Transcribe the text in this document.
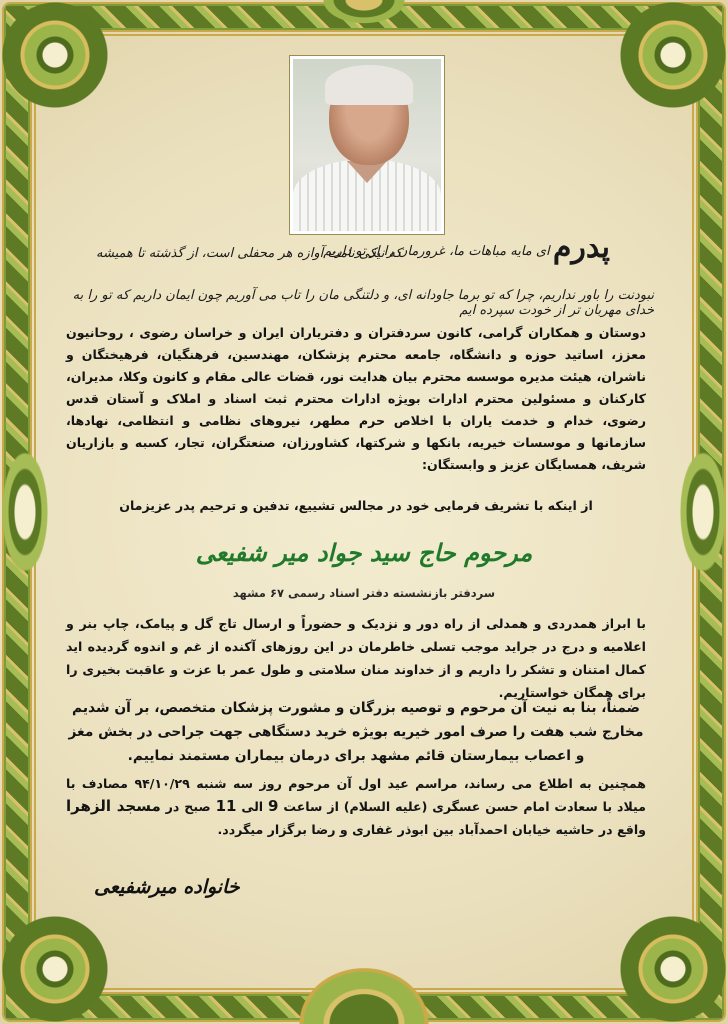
پدرم
، ای مایه مباهات ما، غرورمان را از تو داریم
که نیکی نامت آوازه هر محفلی است، از گذشته تا همیشه
نبودنت را باور نداریم، چرا که تو برما جاودانه ای، و دلتنگی مان را تاب می آوریم چون ایمان داریم که تو را به خدای مهربان تر از خودت سپرده ایم
دوستان و همکاران گرامی، کانون سردفتران و دفتریاران ایران و خراسان رضوی ، روحانیون معزز، اساتید حوزه و دانشگاه، جامعه محترم پزشکان، مهندسین، فرهنگیان، فرهیختگان و ناشران، هیئت مدیره موسسه محترم بیان هدایت نور، قضات عالی مقام و کانون وکلا، مدیران، کارکنان و مسئولین محترم ادارات بویژه ادارات محترم ثبت اسناد و املاک و آستان قدس رضوی، خدام و خدمت یاران با اخلاص حرم مطهر، نیروهای نظامی و انتظامی، نهادها، سازمانها و موسسات خیریه، بانکها و شرکتها، کشاورزان، صنعتگران، تجار، کسبه و بازاریان شریف، همسایگان عزیز و وابستگان:
از اینکه با تشریف فرمایی خود در مجالس تشییع، تدفین و ترحیم پدر عزیزمان
مرحوم حاج سید جواد میر شفیعی
سردفتر بازنشسته دفتر اسناد رسمی ۶۷ مشهد
با ابراز همدردی و همدلی از راه دور و نزدیک و حضوراً و ارسال تاج گل و پیامک، چاپ بنر و اعلامیه و درج در جراید موجب تسلی خاطرمان در این روزهای آکنده از غم و اندوه گردیده اید کمال امتنان و تشکر را داریم و از خداوند منان سلامتی و طول عمر با عزت و عاقبت بخیری را برای همگان خواستاریم.
ضمناً، بنا به نیت آن مرحوم و توصیه بزرگان و مشورت پزشکان متخصص، بر آن شدیم مخارج شب هفت را صرف امور خیریه بویژه خرید دستگاهی جهت جراحی در بخش مغز و اعصاب بیمارستان قائم مشهد برای درمان بیماران مستمند نماییم.
همچنین به اطلاع می رساند، مراسم عید اول آن مرحوم روز سه شنبه ۹۴/۱۰/۲۹ مصادف با میلاد با سعادت امام حسن عسگری (علیه السلام) از ساعت 9 الی 11 صبح در مسجد الزهرا واقع در حاشیه خیابان احمدآباد بین ابوذر غفاری و رضا برگزار میگردد.
خانواده میرشفیعی
